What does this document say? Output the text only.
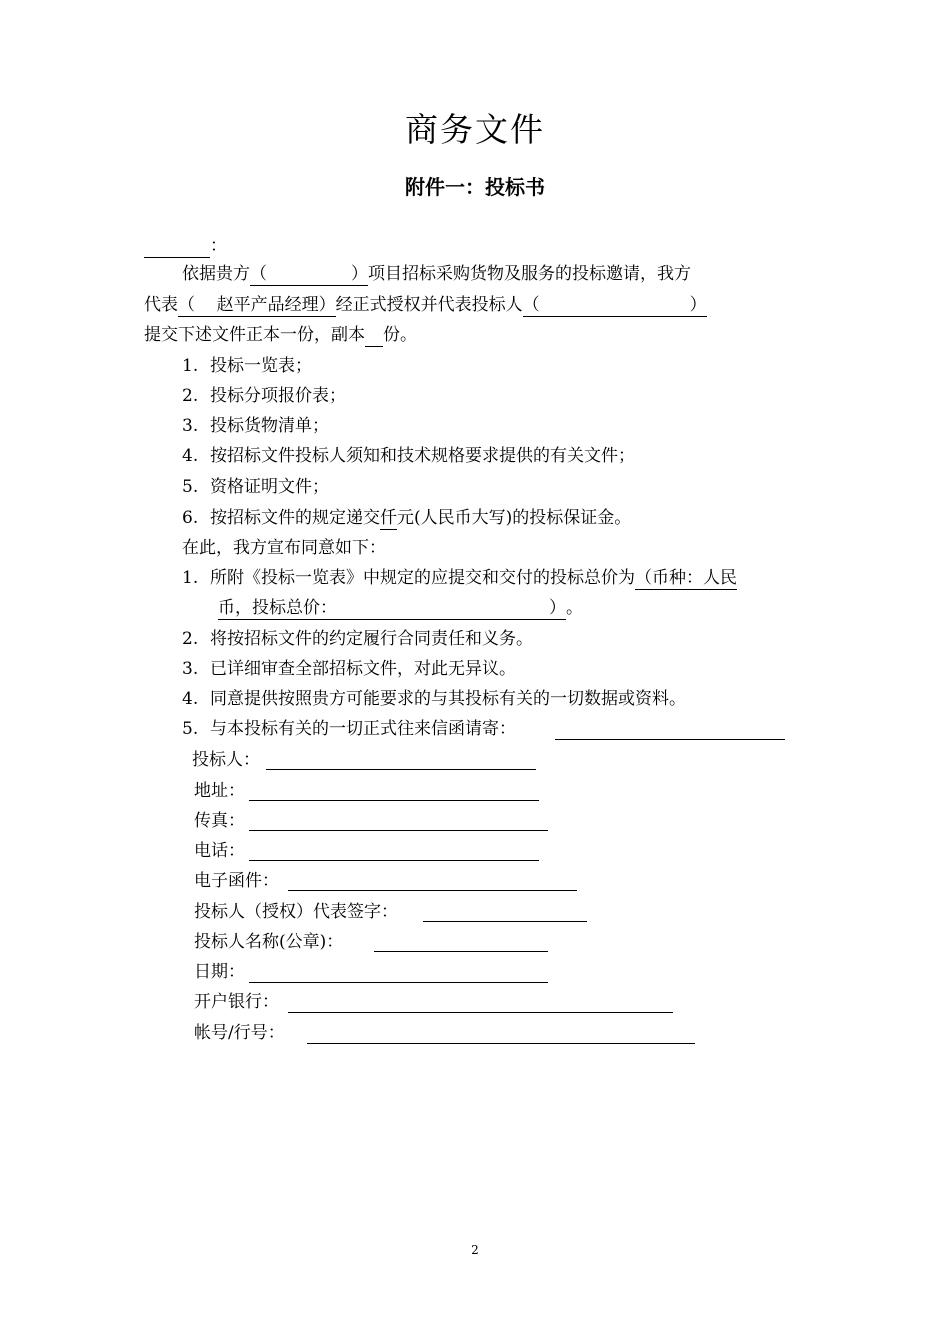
商务文件
附件一：投标书
：
依据贵方（	）项目招标采购货物及服务的投标邀请，我方
代表（    赵平产品经理）经正式授权并代表投标人（	）
提交下述文件正本一份，副本 份。
1. 投标一览表；
2. 投标分项报价表；
3. 投标货物清单；
4. 按招标文件投标人须知和技术规格要求提供的有关文件；
5. 资格证明文件；
6. 按招标文件的规定递交仟元(人民币大写)的投标保证金。
在此，我方宣布同意如下：
1. 所附《投标一览表》中规定的应提交和交付的投标总价为（币种：人民
币，投标总价：	）。
2. 将按招标文件的约定履行合同责任和义务。
3. 已详细审查全部招标文件，对此无异议。
4. 同意提供按照贵方可能要求的与其投标有关的一切数据或资料。
5. 与本投标有关的一切正式往来信函请寄：
投标人：
地址：
传真：
电话：
电子函件：
投标人（授权）代表签字：
投标人名称(公章)：
日期：
开户银行：
帐号/行号：
2
